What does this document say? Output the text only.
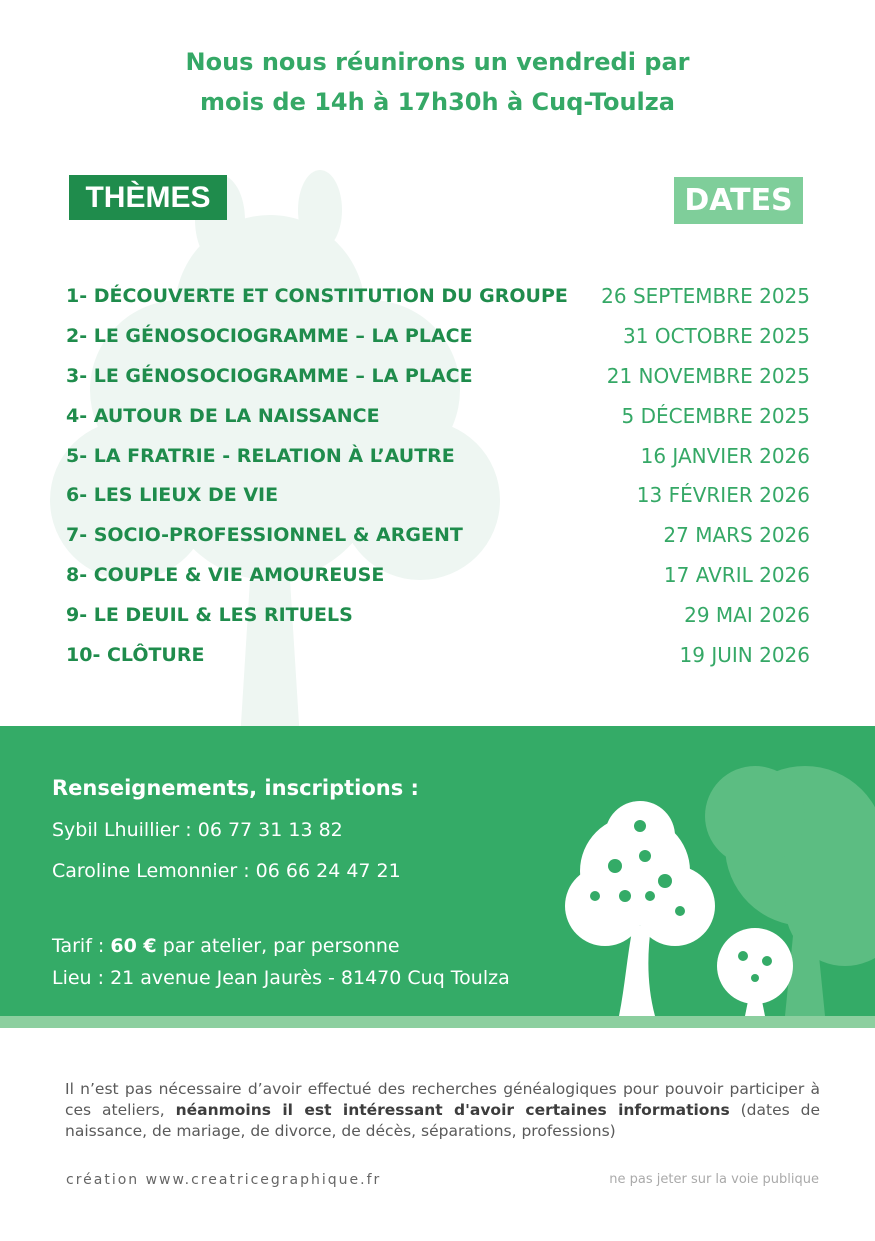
Nous nous réunirons un vendredi par
mois de 14h à 17h30h à Cuq-Toulza
THÈMES	DATES
1- DÉCOUVERTE ET CONSTITUTION DU GROUPE
2- LE GÉNOSOCIOGRAMME – LA PLACE
3- LE GÉNOSOCIOGRAMME – LA PLACE
4- AUTOUR DE LA NAISSANCE
5- LA FRATRIE - RELATION À L’AUTRE
6- LES LIEUX DE VIE
7- SOCIO-PROFESSIONNEL & ARGENT
8- COUPLE & VIE AMOUREUSE
9- LE DEUIL & LES RITUELS
10- CLÔTURE
26 SEPTEMBRE 2025
31 OCTOBRE 2025
21 NOVEMBRE 2025
5 DÉCEMBRE 2025
16 JANVIER 2026
13 FÉVRIER 2026
27 MARS 2026
17 AVRIL 2026
29 MAI 2026
19 JUIN 2026
Renseignements, inscriptions :
Sybil Lhuillier : 06 77 31 13 82
Caroline Lemonnier : 06 66 24 47 21
Tarif : 60 € par atelier, par personne
Lieu : 21 avenue Jean Jaurès - 81470 Cuq Toulza
Il n’est pas nécessaire d’avoir effectué des recherches généalogiques pour pouvoir participer à ces ateliers, néanmoins il est intéressant d'avoir certaines informations (dates de naissance, de mariage, de divorce, de décès, séparations, professions)
création www.creatricegraphique.fr	ne pas jeter sur la voie publique
